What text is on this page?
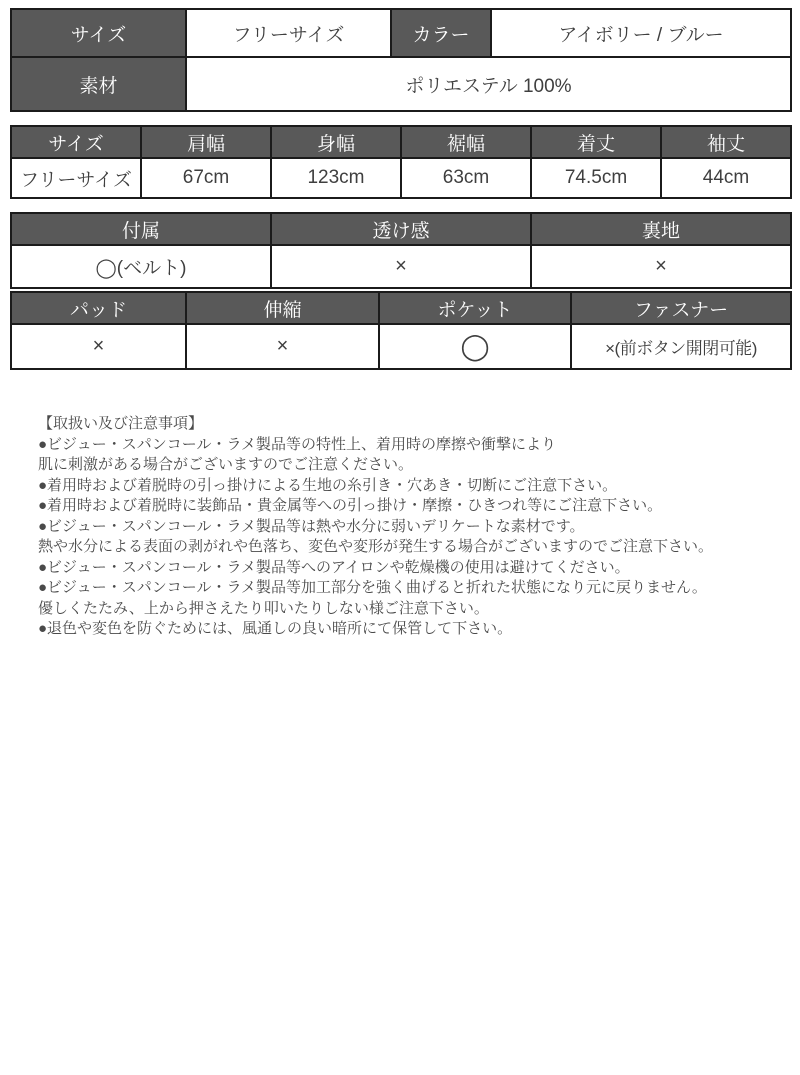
サイズ	フリーサイズ	カラー	アイボリー / ブルー
素材	ポリエステル 100%		
サイズ	肩幅	身幅	裾幅	着丈	袖丈
フリーサイズ	67cm	123cm	63cm	74.5cm	44cm
付属	透け感	裏地
◯(ベルト)	×	×
パッド	伸縮	ポケット	ファスナー
×	×	◯	×(前ボタン開閉可能)

【取扱い及び注意事項】

●ビジュー・スパンコール・ラメ製品等の特性上、着用時の摩擦や衝撃により

肌に刺激がある場合がございますのでご注意ください。

●着用時および着脱時の引っ掛けによる生地の糸引き・穴あき・切断にご注意下さい。

●着用時および着脱時に装飾品・貴金属等への引っ掛け・摩擦・ひきつれ等にご注意下さい。

●ビジュー・スパンコール・ラメ製品等は熱や水分に弱いデリケートな素材です。

熱や水分による表面の剥がれや色落ち、変色や変形が発生する場合がございますのでご注意下さい。

●ビジュー・スパンコール・ラメ製品等へのアイロンや乾燥機の使用は避けてください。

●ビジュー・スパンコール・ラメ製品等加工部分を強く曲げると折れた状態になり元に戻りません。

優しくたたみ、上から押さえたり叩いたりしない様ご注意下さい。

●退色や変色を防ぐためには、風通しの良い暗所にて保管して下さい。
